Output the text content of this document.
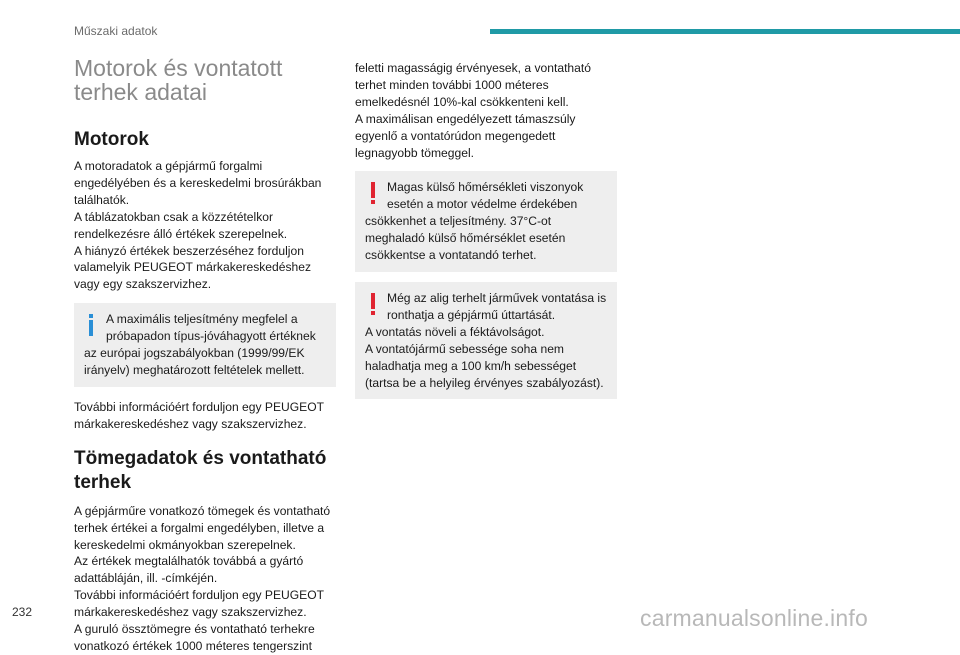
Műszaki adatok
Motorok és vontatott
terhek adatai
Motorok

A motoradatok a gépjármű forgalmi

engedélyében és a kereskedelmi brosúrákban

találhatók.

A táblázatokban csak a közzétételkor

rendelkezésre álló értékek szerepelnek.

A hiányzó értékek beszerzéséhez forduljon

valamelyik PEUGEOT márkakereskedéshez

vagy egy szakszervizhez.

A maximális teljesítmény megfelel a

próbapadon típus-jóváhagyott értéknek

az európai jogszabályokban (1999/99/EK

irányelv) meghatározott feltételek mellett.

További információért forduljon egy PEUGEOT

márkakereskedéshez vagy szakszervizhez.

Tömegadatok és vontatható
terhek

A gépjárműre vonatkozó tömegek és vontatható

terhek értékei a forgalmi engedélyben, illetve a

kereskedelmi okmányokban szerepelnek.

Az értékek megtalálhatók továbbá a gyártó

adattábláján, ill. -címkéjén.

További információért forduljon egy PEUGEOT

márkakereskedéshez vagy szakszervizhez.

A guruló össztömegre és vontatható terhekre

vonatkozó értékek 1000 méteres tengerszint

feletti magasságig érvényesek, a vontatható

terhet minden további 1000 méteres

emelkedésnél 10%-kal csökkenteni kell.

A maximálisan engedélyezett támaszsúly

egyenlő a vontatórúdon megengedett

legnagyobb tömeggel.

Magas külső hőmérsékleti viszonyok

esetén a motor védelme érdekében

csökkenhet a teljesítmény. 37°C-ot

meghaladó külső hőmérséklet esetén

csökkentse a vontatandó terhet.

Még az alig terhelt járművek vontatása is

ronthatja a gépjármű úttartását.

A vontatás növeli a féktávolságot.

A vontatójármű sebessége soha nem

haladhatja meg a 100 km/h sebességet

(tartsa be a helyileg érvényes szabályozást).

232	carmanualsonline.info
